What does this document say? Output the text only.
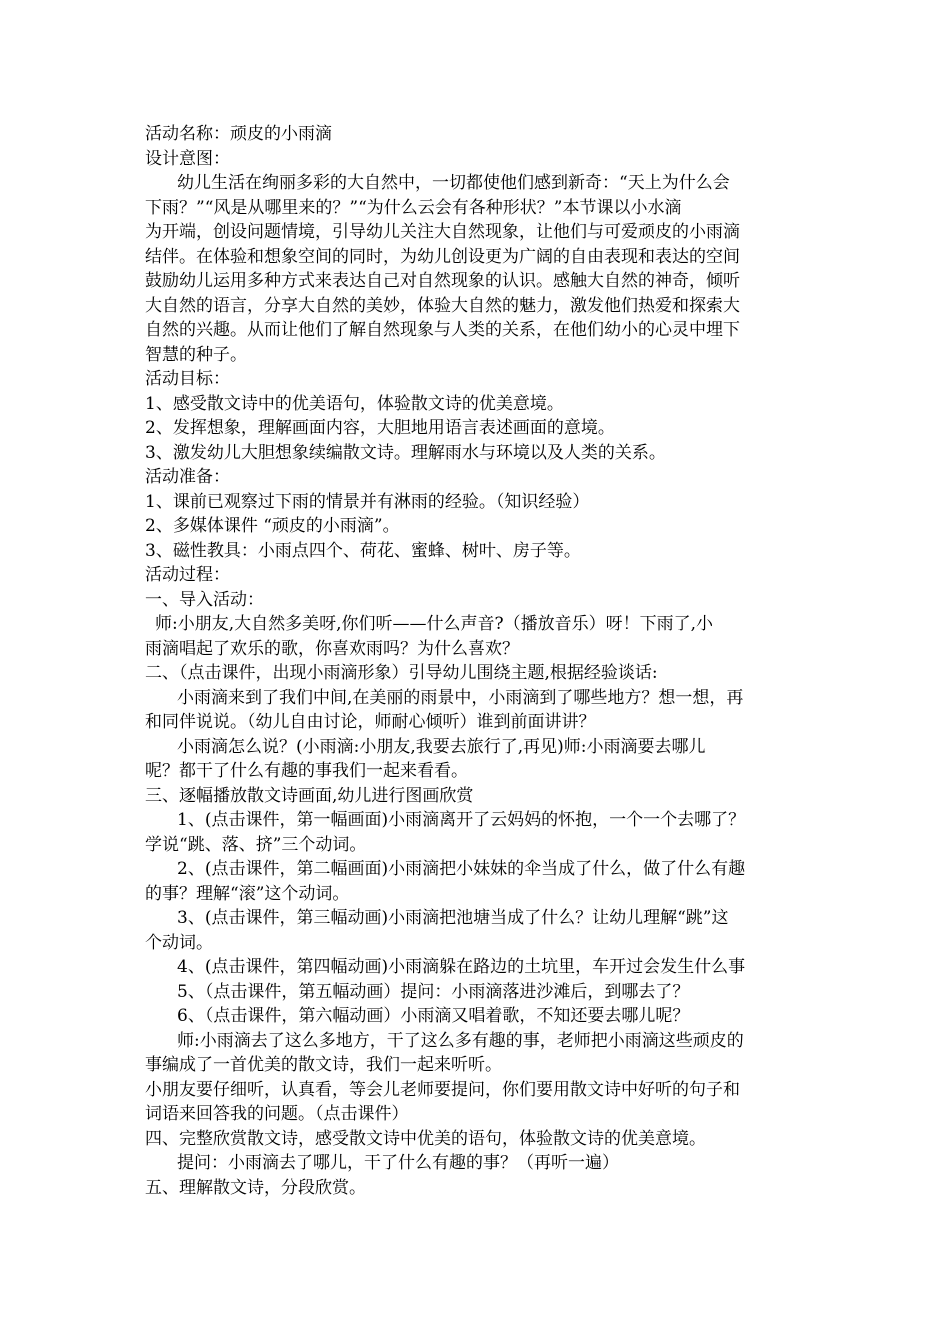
活动名称：顽皮的小雨滴
设计意图：
幼儿生活在绚丽多彩的大自然中，一切都使他们感到新奇：“天上为什么会
下雨？”“风是从哪里来的？”“为什么云会有各种形状？”本节课以小水滴
为开端，创设问题情境，引导幼儿关注大自然现象，让他们与可爱顽皮的小雨滴
结伴。在体验和想象空间的同时，为幼儿创设更为广阔的自由表现和表达的空间
鼓励幼儿运用多种方式来表达自己对自然现象的认识。感触大自然的神奇，倾听
大自然的语言，分享大自然的美妙，体验大自然的魅力，激发他们热爱和探索大
自然的兴趣。从而让他们了解自然现象与人类的关系，在他们幼小的心灵中埋下
智慧的种子。
活动目标：
1、感受散文诗中的优美语句，体验散文诗的优美意境。
2、发挥想象，理解画面内容，大胆地用语言表述画面的意境。
3、激发幼儿大胆想象续编散文诗。理解雨水与环境以及人类的关系。
活动准备：
1、课前已观察过下雨的情景并有淋雨的经验。（知识经验）
2、多媒体课件 “顽皮的小雨滴”。
3、磁性教具：小雨点四个、荷花、蜜蜂、树叶、房子等。
活动过程：
一、导入活动：
师:小朋友,大自然多美呀,你们听——什么声音?（播放音乐）呀！下雨了,小
雨滴唱起了欢乐的歌，你喜欢雨吗？为什么喜欢？
二、（点击课件，出现小雨滴形象）引导幼儿围绕主题,根据经验谈话:
小雨滴来到了我们中间,在美丽的雨景中，小雨滴到了哪些地方？想一想，再
和同伴说说。（幼儿自由讨论，师耐心倾听）谁到前面讲讲？
小雨滴怎么说？(小雨滴:小朋友,我要去旅行了,再见)师:小雨滴要去哪儿
呢？都干了什么有趣的事我们一起来看看。
三、逐幅播放散文诗画面,幼儿进行图画欣赏
1、(点击课件，第一幅画面)小雨滴离开了云妈妈的怀抱，一个一个去哪了？
学说“跳、落、挤”三个动词。
2、(点击课件，第二幅画面)小雨滴把小妹妹的伞当成了什么，做了什么有趣
的事？理解“滚”这个动词。
3、(点击课件，第三幅动画)小雨滴把池塘当成了什么？让幼儿理解“跳”这
个动词。
4、(点击课件，第四幅动画)小雨滴躲在路边的土坑里，车开过会发生什么事
5、（点击课件，第五幅动画）提问：小雨滴落进沙滩后，到哪去了？
6、（点击课件，第六幅动画）小雨滴又唱着歌，不知还要去哪儿呢？
师:小雨滴去了这么多地方，干了这么多有趣的事，老师把小雨滴这些顽皮的
事编成了一首优美的散文诗，我们一起来听听。
小朋友要仔细听，认真看，等会儿老师要提问，你们要用散文诗中好听的句子和
词语来回答我的问题。（点击课件）
四、完整欣赏散文诗，感受散文诗中优美的语句，体验散文诗的优美意境。
提问：小雨滴去了哪儿，干了什么有趣的事？（再听一遍）
五、理解散文诗，分段欣赏。
